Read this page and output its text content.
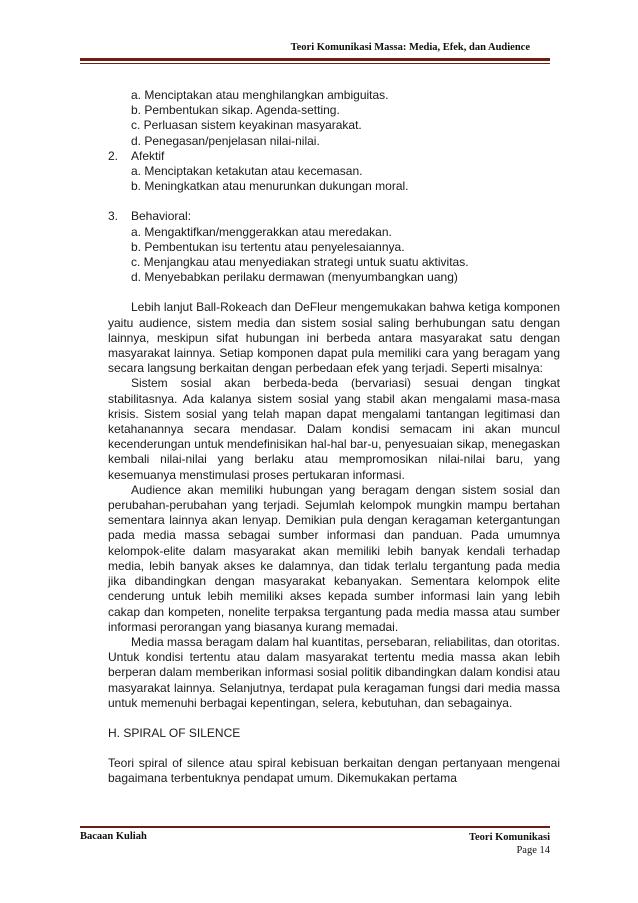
Teori Komunikasi Massa: Media, Efek, dan Audience

a. Menciptakan atau menghilangkan ambiguitas.

b. Pembentukan sikap. Agenda-setting.

c. Perluasan sistem keyakinan masyarakat.

d. Penegasan/penjelasan nilai-nilai.

2.	Afektif

a. Menciptakan ketakutan atau kecemasan.

b. Meningkatkan atau menurunkan dukungan moral.

3.	Behavioral:

a. Mengaktifkan/menggerakkan atau meredakan.

b. Pembentukan isu tertentu atau penyelesaiannya.

c. Menjangkau atau menyediakan strategi untuk suatu aktivitas.

d. Menyebabkan perilaku dermawan (menyumbangkan uang)

Lebih lanjut Ball-Rokeach dan DeFleur mengemukakan bahwa ketiga komponen yaitu audience, sistem media dan sistem sosial saling berhubungan satu dengan lainnya, meskipun sifat hubungan ini berbeda antara masyarakat satu dengan masyarakat lainnya. Setiap komponen dapat pula memiliki cara yang beragam yang secara langsung berkaitan dengan perbedaan efek yang terjadi. Seperti misalnya:

Sistem sosial akan berbeda-beda (bervariasi) sesuai dengan tingkat stabilitasnya. Ada kalanya sistem sosial yang stabil akan mengalami masa-masa krisis. Sistem sosial yang telah mapan dapat mengalami tantangan legitimasi dan ketahanannya secara mendasar. Dalam kondisi semacam ini akan muncul kecenderungan untuk mendefinisikan hal-hal bar-u, penyesuaian sikap, menegaskan kembali nilai-nilai yang berlaku atau mempromosikan nilai-nilai baru, yang kesemuanya menstimulasi proses pertukaran informasi.

Audience akan memiliki hubungan yang beragam dengan sistem sosial dan perubahan-perubahan yang terjadi. Sejumlah kelompok mungkin mampu bertahan sementara lainnya akan lenyap. Demikian pula dengan keragaman ketergantungan pada media massa sebagai sumber informasi dan panduan. Pada umumnya kelompok-elite dalam masyarakat akan memiliki lebih banyak kendali terhadap media, lebih banyak akses ke dalamnya, dan tidak terlalu tergantung pada media jika dibandingkan dengan masyarakat kebanyakan. Sementara kelompok elite cenderung untuk lebih memiliki akses kepada sumber informasi lain yang lebih cakap dan kompeten, nonelite terpaksa tergantung pada media massa atau sumber informasi perorangan yang biasanya kurang memadai.

Media massa beragam dalam hal kuantitas, persebaran, reliabilitas, dan otoritas. Untuk kondisi tertentu atau dalam masyarakat tertentu media massa akan lebih berperan dalam memberikan informasi sosial politik dibandingkan dalam kondisi atau masyarakat lainnya. Selanjutnya, terdapat pula keragaman fungsi dari media massa untuk memenuhi berbagai kepentingan, selera, kebutuhan, dan sebagainya.

H. SPIRAL OF SILENCE

Teori spiral of silence atau spiral kebisuan berkaitan dengan pertanyaan mengenai bagaimana terbentuknya pendapat umum. Dikemukakan pertama

Bacaan Kuliah	Teori Komunikasi
Page 14
